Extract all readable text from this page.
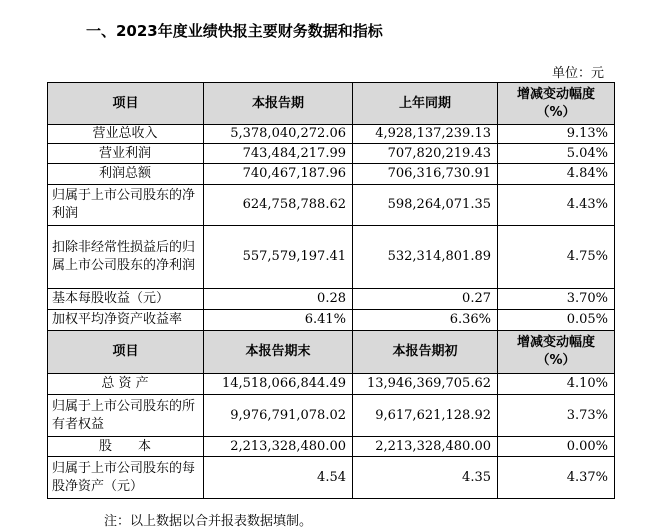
一、2023年度业绩快报主要财务数据和指标
单位：元
项目	本报告期	上年同期	增减变动幅度
（%）

营业总收入	5,378,040,272.06	4,928,137,239.13	9.13%
营业利润	743,484,217.99	707,820,219.43	5.04%
利润总额	740,467,187.96	706,316,730.91	4.84%
归属于上市公司股东的净利润	624,758,788.62	598,264,071.35	4.43%
扣除非经常性损益后的归属上市公司股东的净利润	557,579,197.41	532,314,801.89	4.75%
基本每股收益（元）	0.28	0.27	3.70%
加权平均净资产收益率	6.41%	6.36%	0.05%
项目	本报告期末	本报告期初	增减变动幅度
（%）

总 资 产	14,518,066,844.49	13,946,369,705.62	4.10%
归属于上市公司股东的所有者权益	9,976,791,078.02	9,617,621,128.92	3.73%
股　　本	2,213,328,480.00	2,213,328,480.00	0.00%
归属于上市公司股东的每股净资产（元）	4.54	4.35	4.37%
注：以上数据以合并报表数据填制。
